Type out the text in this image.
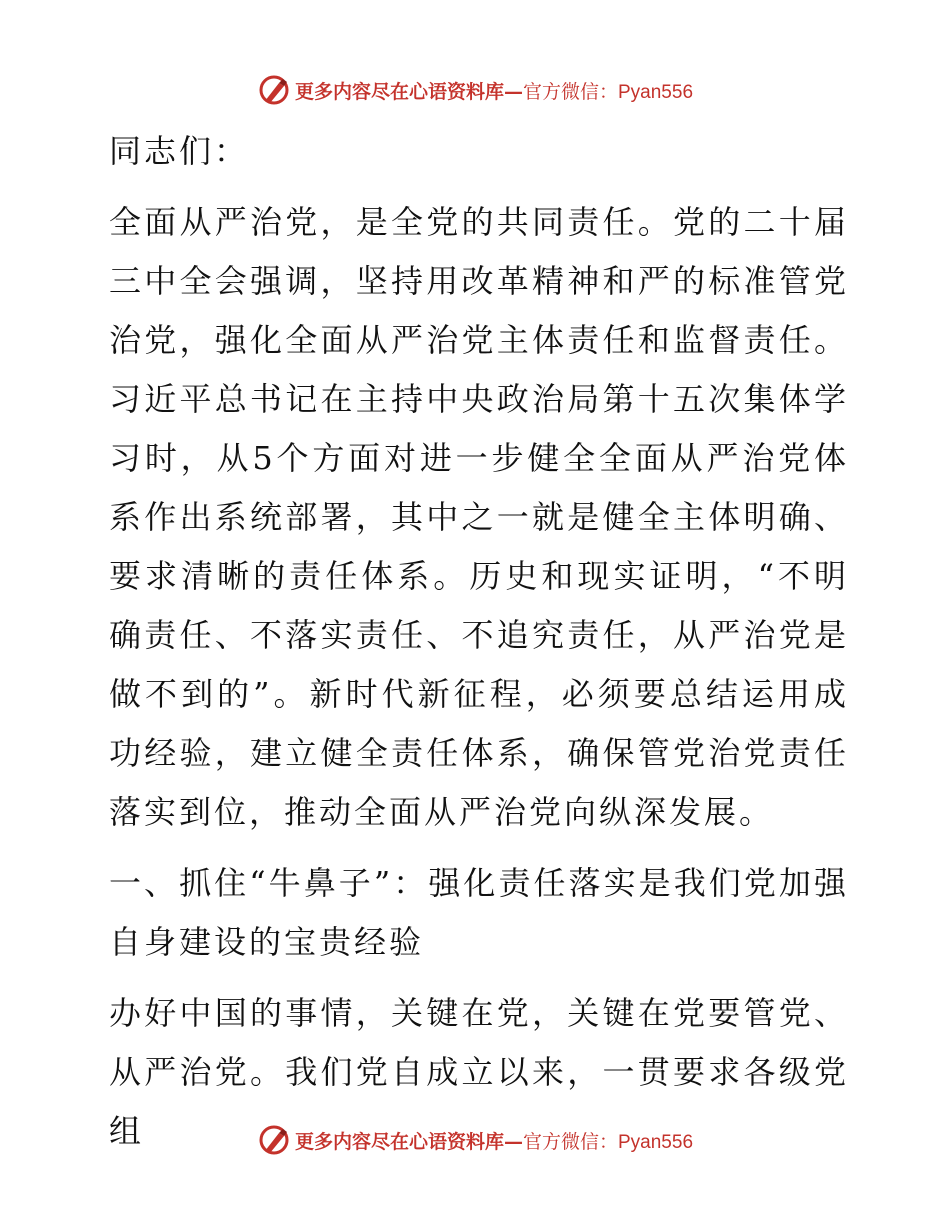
更多内容尽在心语资料库—官方微信：Pyan556

同志们：

全面从严治党，是全党的共同责任。党的二十届三中全会强调，坚持用改革精神和严的标准管党治党，强化全面从严治党主体责任和监督责任。习近平总书记在主持中央政治局第十五次集体学习时，从5个方面对进一步健全全面从严治党体系作出系统部署，其中之一就是健全主体明确、要求清晰的责任体系。历史和现实证明，“不明确责任、不落实责任、不追究责任，从严治党是做不到的”。新时代新征程，必须要总结运用成功经验，建立健全责任体系，确保管党治党责任落实到位，推动全面从严治党向纵深发展。

一、抓住“牛鼻子”：强化责任落实是我们党加强自身建设的宝贵经验

办好中国的事情，关键在党，关键在党要管党、从严治党。我们党自成立以来，一贯要求各级党组	更多内容尽在心语资料库—官方微信：Pyan556
